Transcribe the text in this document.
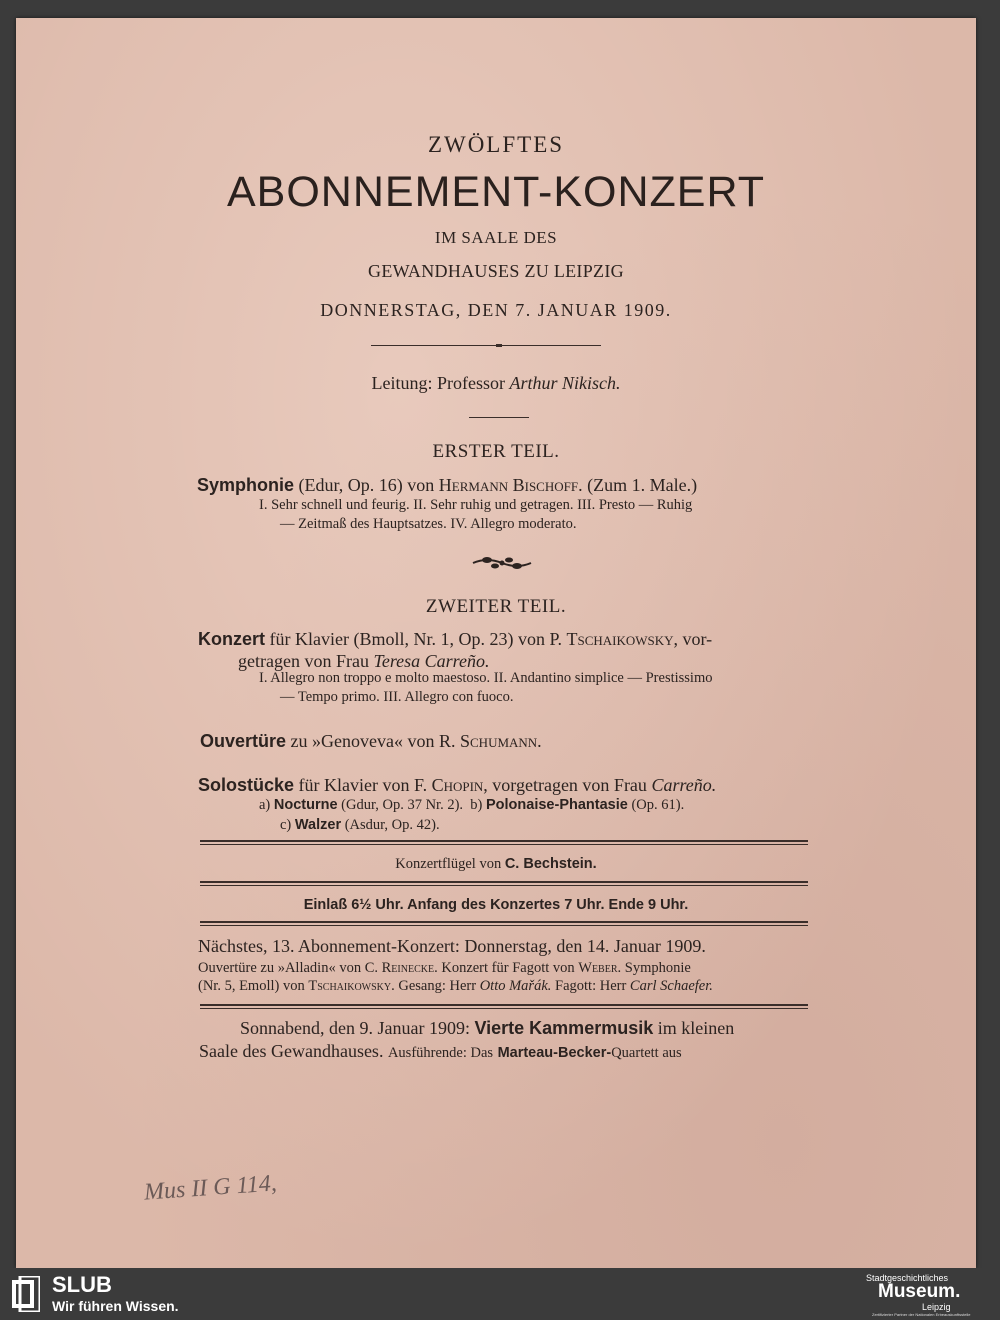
ZWÖLFTES
ABONNEMENT-KONZERT
IM SAALE DES
GEWANDHAUSES ZU LEIPZIG
DONNERSTAG, DEN 7. JANUAR 1909.
Leitung: Professor Arthur Nikisch.
ERSTER TEIL.
Symphonie (Edur, Op. 16) von Hermann Bischoff. (Zum 1. Male.)
I. Sehr schnell und feurig. II. Sehr ruhig und getragen. III. Presto — Ruhig
— Zeitmaß des Hauptsatzes. IV. Allegro moderato.
ZWEITER TEIL.
Konzert für Klavier (Bmoll, Nr. 1, Op. 23) von P. Tschaikowsky, vor-
getragen von Frau Teresa Carreño.
I. Allegro non troppo e molto maestoso. II. Andantino simplice — Prestissimo
— Tempo primo. III. Allegro con fuoco.
Ouvertüre zu »Genoveva« von R. Schumann.
Solostücke für Klavier von F. Chopin, vorgetragen von Frau Carreño.
a) Nocturne (Gdur, Op. 37 Nr. 2). b) Polonaise-Phantasie (Op. 61).
c) Walzer (Asdur, Op. 42).
Konzertflügel von C. Bechstein.
Einlaß 6½ Uhr. Anfang des Konzertes 7 Uhr. Ende 9 Uhr.
Nächstes, 13. Abonnement-Konzert: Donnerstag, den 14. Januar 1909.
Ouvertüre zu »Alladin« von C. Reinecke. Konzert für Fagott von Weber. Symphonie
(Nr. 5, Emoll) von Tschaikowsky. Gesang: Herr Otto Mařák. Fagott: Herr Carl Schaefer.
Sonnabend, den 9. Januar 1909: Vierte Kammermusik im kleinen
Saale des Gewandhauses. Ausführende: Das Marteau-Becker-Quartett aus
Mus II G 114,
SLUB
Wir führen Wissen.
Stadtgeschichtliches
Museum.
Leipzig
Zertifizierter Partner der Nationalen Erbeauskunftsstelle
